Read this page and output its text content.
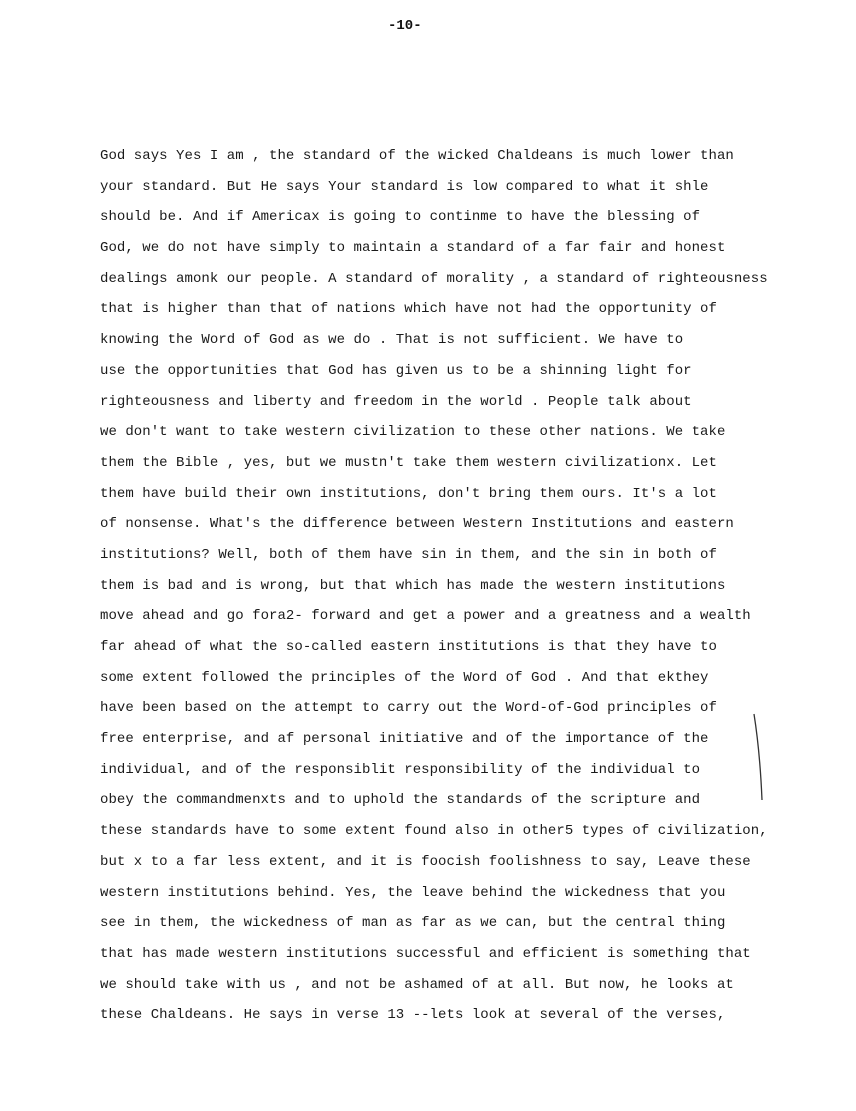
-10-
God says Yes I am , the standard of the wicked Chaldeans is much lower than
your standard. But He says Your standard is low compared to what it shle
should be. And if Americax is going to continme to have the blessing of
God, we do not have simply to maintain a standard of a far fair and honest
dealings amonk our people. A standard of morality , a standard of righteousness
that is higher than that of nations which have not had the opportunity of
knowing the Word of God as we do . That is not sufficient. We have to
use the opportunities that God has given us to be a shinning light for
righteousness and liberty and freedom in the world . People talk about
we don't want to take western civilization to these other nations. We take
them the Bible , yes, but we mustn't take them western civilizationx. Let
them have build their own institutions, don't bring them ours. It's a lot
of nonsense. What's the difference between Western Institutions and eastern
institutions? Well, both of them have sin in them, and the sin in both of
them is bad and is wrong, but that which has made the western institutions
move ahead and go fora2- forward and get a power and a greatness and a wealth
far ahead of what the so-called eastern institutions is that they have to
some extent followed the principles of the Word of God . And that ekthey
have been based on the attempt to carry out the Word-of-God principles of
free enterprise, and af personal initiative and of the importance of the
individual, and of the responsiblit responsibility of the individual to
obey the commandmenxts and to uphold the standards of the scripture and
these standards have to some extent found also in other5 types of civilization,
but x to a far less extent, and it is foocish foolishness to say, Leave these
western institutions behind. Yes, the leave behind the wickedness that you
see in them, the wickedness of man as far as we can, but the central thing
that has made western institutions successful and efficient is something that
we should take with us , and not be ashamed of at all. But now, he looks at
these Chaldeans. He says in verse 13 --lets look at several of the verses,
